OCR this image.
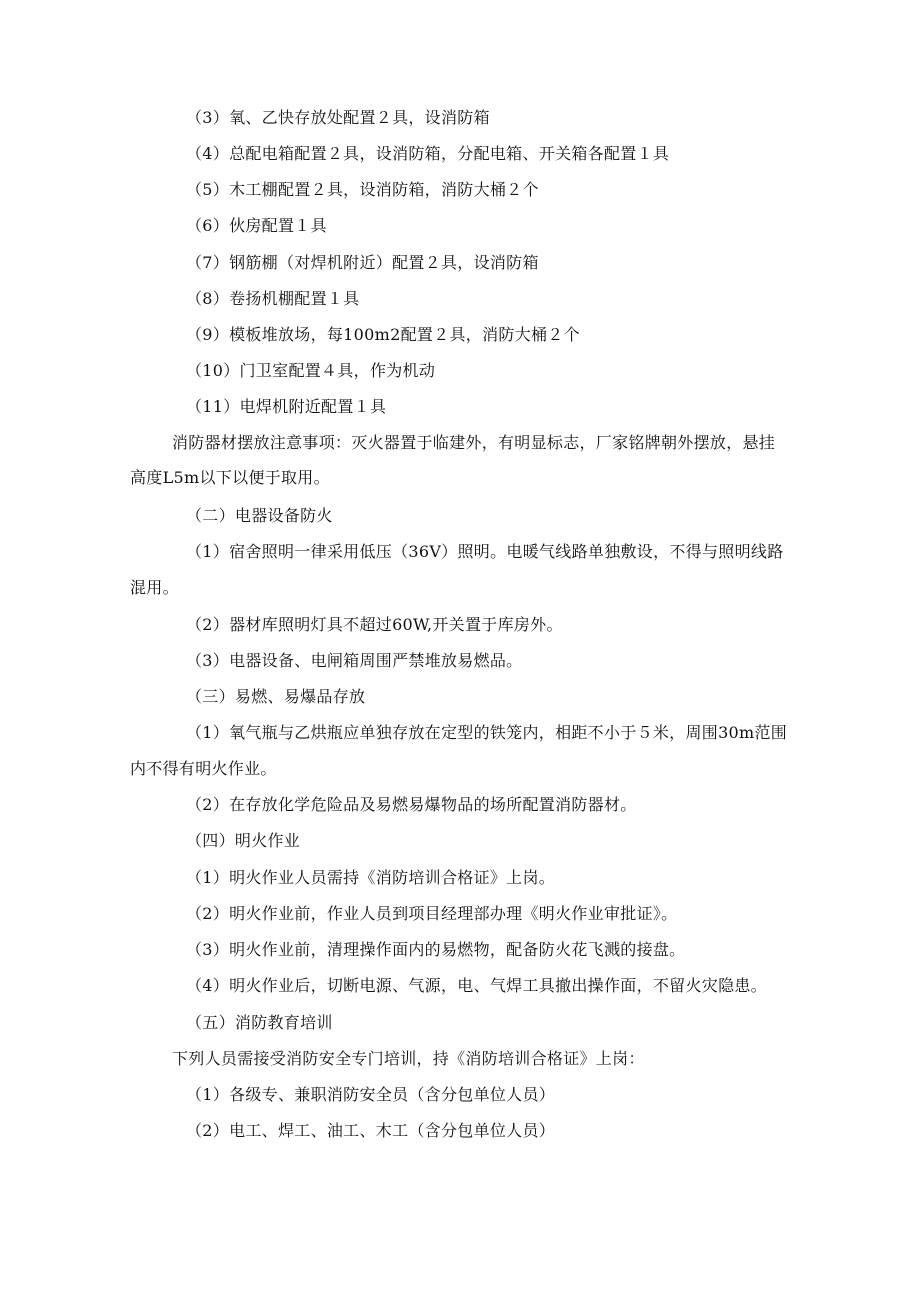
（3）氧、乙快存放处配置２具，设消防箱
（4）总配电箱配置２具，设消防箱，分配电箱、开关箱各配置１具
（5）木工棚配置２具，设消防箱，消防大桶２个
（6）伙房配置１具
（7）钢筋棚（对焊机附近）配置２具，设消防箱
（8）卷扬机棚配置１具
（9）模板堆放场，每100m2配置２具，消防大桶２个
（10）门卫室配置４具，作为机动
（11）电焊机附近配置１具
消防器材摆放注意事项：灭火器置于临建外，有明显标志，厂家铭牌朝外摆放，悬挂
高度L5m以下以便于取用。
（二）电器设备防火
（1）宿舍照明一律采用低压（36V）照明。电暖气线路单独敷设，不得与照明线路
混用。
（2）器材库照明灯具不超过60W,开关置于库房外。
（3）电器设备、电闸箱周围严禁堆放易燃品。
（三）易燃、易爆品存放
（1）氧气瓶与乙烘瓶应单独存放在定型的铁笼内，相距不小于５米，周围30m范围
内不得有明火作业。
（2）在存放化学危险品及易燃易爆物品的场所配置消防器材。
（四）明火作业
（1）明火作业人员需持《消防培训合格证》上岗。
（2）明火作业前，作业人员到项目经理部办理《明火作业审批证》。
（3）明火作业前，清理操作面内的易燃物，配备防火花飞溅的接盘。
（4）明火作业后，切断电源、气源，电、气焊工具撤出操作面，不留火灾隐患。
（五）消防教育培训
下列人员需接受消防安全专门培训，持《消防培训合格证》上岗：
（1）各级专、兼职消防安全员（含分包单位人员）
（2）电工、焊工、油工、木工（含分包单位人员）
